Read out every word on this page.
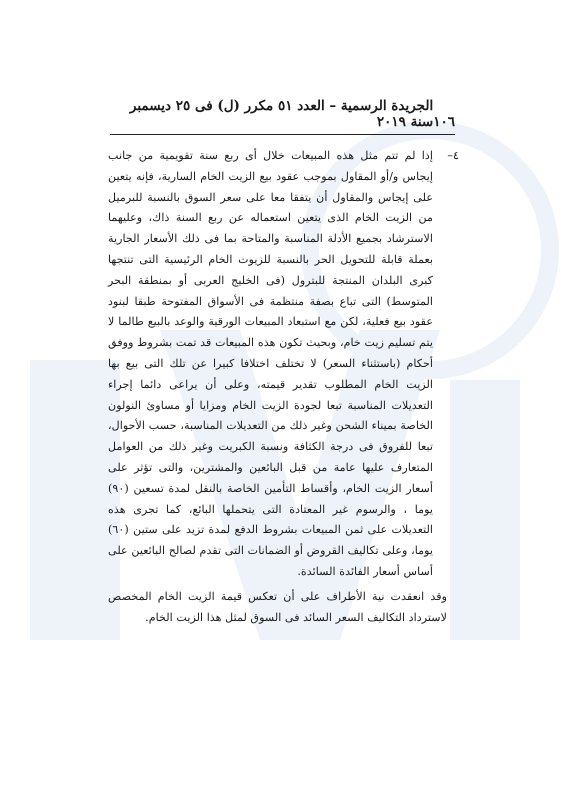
١٠٦
الجريدة الرسمية – العدد ٥١ مكرر (ل) فى ٢٥ ديسمبر سنة ٢٠١٩

٤–
إذا لم تتم مثل هذه المبيعات خلال أى ربع سنة تقويمية من جانب إيجاس و/أو المقاول بموجب عقود بيع الزيت الخام السارية، فإنه يتعين على إيجاس والمقاول أن يتفقا معا على سعر السوق بالنسبة للبرميل من الزيت الخام الذى يتعين استعماله عن ربع السنة ذاك، وعليهما الاسترشاد بجميع الأدلة المناسبة والمتاحة بما فى ذلك الأسعار الجارية بعملة قابلة للتحويل الحر بالنسبة للزيوت الخام الرئيسية التى تنتجها كبرى البلدان المنتجة للبترول (فى الخليج العربى أو بمنطقة البحر المتوسط) التى تباع بصفة منتظمة فى الأسواق المفتوحة طبقا لبنود عقود بيع فعلية، لكن مع استبعاد المبيعات الورقية والوعد بالبيع طالما لا يتم تسليم زيت خام، وبحيث تكون هذه المبيعات قد تمت بشروط ووفق أحكام (باستثناء السعر) لا تختلف اختلافا كبيرا عن تلك التى بيع بها الزيت الخام المطلوب تقدير قيمته، وعلى أن يراعى دائما إجراء التعديلات المناسبة تبعا لجودة الزيت الخام ومزايا أو مساوئ النولون الخاصة بميناء الشحن وغير ذلك من التعديلات المناسبة، حسب الأحوال، تبعا للفروق فى درجة الكثافة ونسبة الكبريت وغير ذلك من العوامل المتعارف عليها عامة من قبل البائعين والمشترين، والتى تؤثر على أسعار الزيت الخام، وأقساط التأمين الخاصة بالنقل لمدة تسعين (٩٠) يوما ، والرسوم غير المعتادة التى يتحملها البائع، كما تجرى هذه التعديلات على ثمن المبيعات بشروط الدفع لمدة تزيد على ستين (٦٠) يوما، وعلى تكاليف القروض أو الضمانات التى تقدم لصالح البائعين على أساس أسعار الفائدة السائدة.

وقد انعقدت نية الأطراف على أن تعكس قيمة الزيت الخام المخصص لاسترداد التكاليف السعر السائد فى السوق لمثل هذا الزيت الخام.
